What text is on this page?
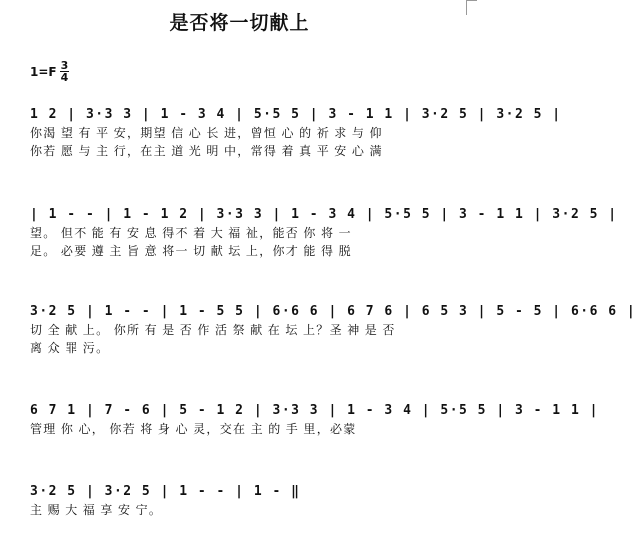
是否将一切献上
$1=F \frac{3}{4}$
1 2 | 3·3 3 | 1 - 3 4 | 5·5 5 | 3 - 1 1 | 3·2 5 | 3·2 5 |
你渴 望 有 平 安，期望 信 心 长 进，曾恒 心 的 祈 求 与 仰
你若 愿 与 主 行，在主 道 光 明 中，常得 着 真 平 安 心 满
| 1 - - | 1 - 1 2 | 3·3 3 | 1 - 3 4 | 5·5 5 | 3 - 1 1 | 3·2 5 |
望。 但不 能 有 安 息 得不 着 大 福 祉，能否 你 将 一
足。 必要 遵 主 旨 意 将一 切 献 坛 上，你才 能 得 脱
3·2 5 | 1 - - | 1 - 5 5 | 6·6 6 | 6 7 6 | 6 5 3 | 5 - 5 | 6·6 6 |
切 全 献 上。 你所 有 是 否 作 活 祭 献 在 坛 上？圣 神 是 否
离 众 罪 污。
6 7 1 | 7 - 6 | 5 - 1 2 | 3·3 3 | 1 - 3 4 | 5·5 5 | 3 - 1 1 |
管理 你 心， 你若 将 身 心 灵，交在 主 的 手 里，必蒙
3·2 5 | 3·2 5 | 1 - - | 1 - ‖
主 赐 大 福 享 安 宁。
